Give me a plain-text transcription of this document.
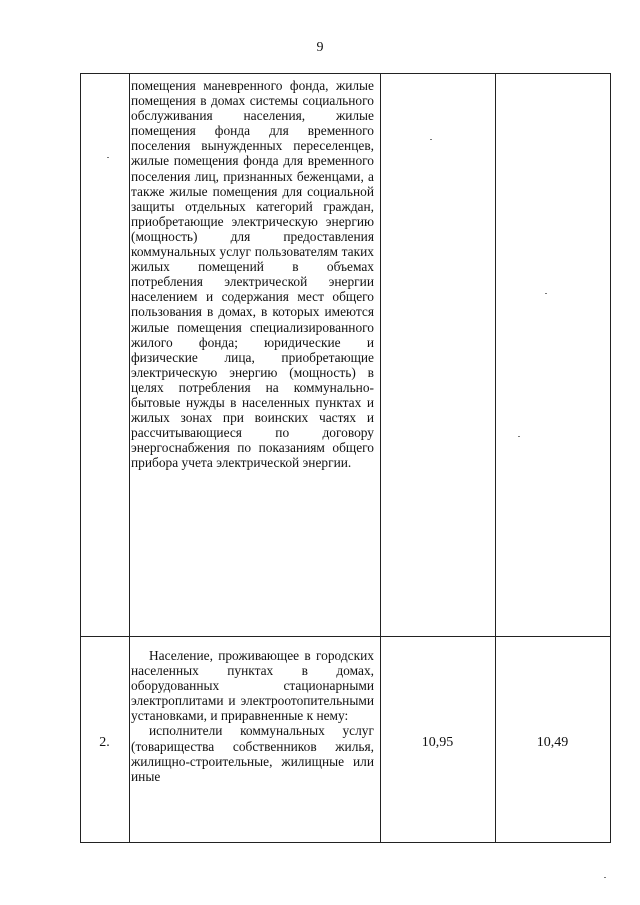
9

помещения маневренного фонда, жилые помещения в домах системы социального обслуживания населения, жилые помещения фонда для временного поселения вынужденных переселенцев, жилые помещения фонда для временного поселения лиц, признанных беженцами, а также жилые помещения для социальной защиты отдельных категорий граждан, приобретающие электрическую энергию (мощность) для предоставления коммунальных услуг пользователям таких жилых помещений в объемах потребления электрической энергии населением и содержания мест общего пользования в домах, в которых имеются жилые помещения специализированного жилого фонда; юридические и физические лица, приобретающие электрическую энергию (мощность) в целях потребления на коммунально-бытовые нужды в населенных пунктах и жилых зонах при воинских частях и рассчитывающиеся по договору энергоснабжения по показаниям общего прибора учета электрической энергии.

2.

Население, проживающее в городских населенных пунктах в домах, оборудованных стационарными электроплитами и электроотопительными установками, и приравненные к нему:

исполнители коммунальных услуг (товарищества собственников жилья, жилищно-строительные, жилищные или иные

10,95	10,49
